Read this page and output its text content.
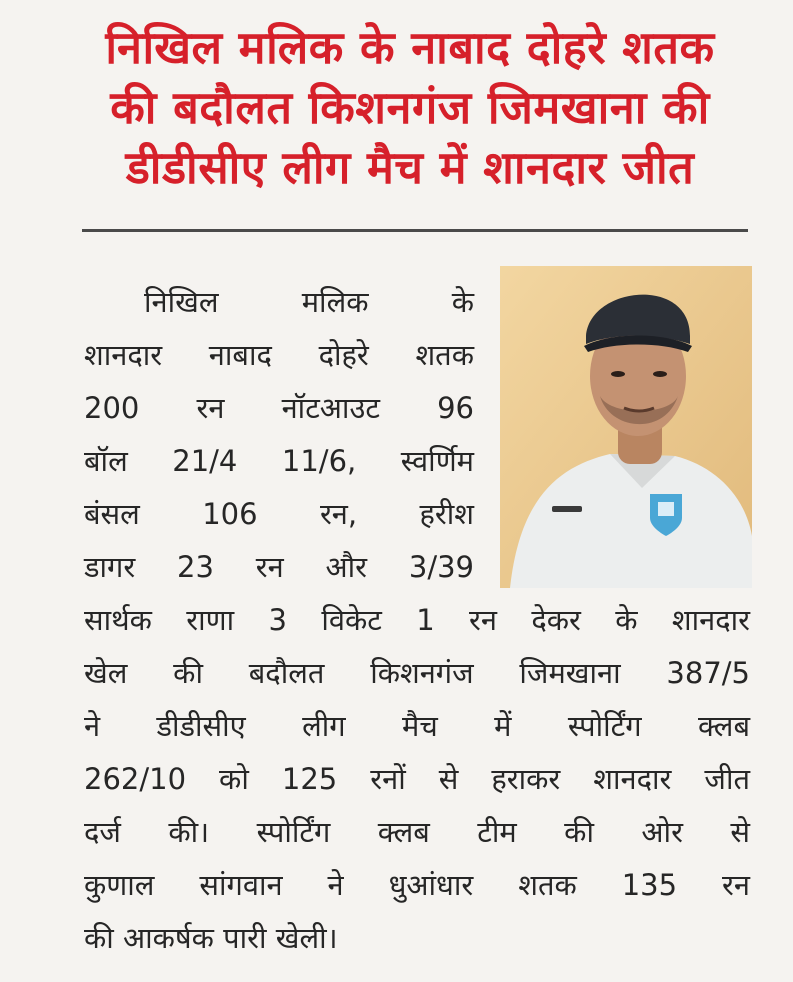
निखिल मलिक के नाबाद दोहरे शतक
की बदौलत किशनगंज जिमखाना की
डीडीसीए लीग मैच में शानदार जीत

निखिल मलिक के
शानदार नाबाद दोहरे शतक
200 रन नॉटआउट 96
बॉल 21/4 11/6, स्वर्णिम
बंसल 106 रन, हरीश
डागर 23 रन और 3/39

सार्थक राणा 3 विकेट 1 रन देकर के शानदार
खेल की बदौलत किशनगंज जिमखाना 387/5
ने डीडीसीए लीग मैच में स्पोर्टिंग क्लब
262/10 को 125 रनों से हराकर शानदार जीत
दर्ज की। स्पोर्टिंग क्लब टीम की ओर से
कुणाल सांगवान ने धुआंधार शतक 135 रन
की आकर्षक पारी खेली।
